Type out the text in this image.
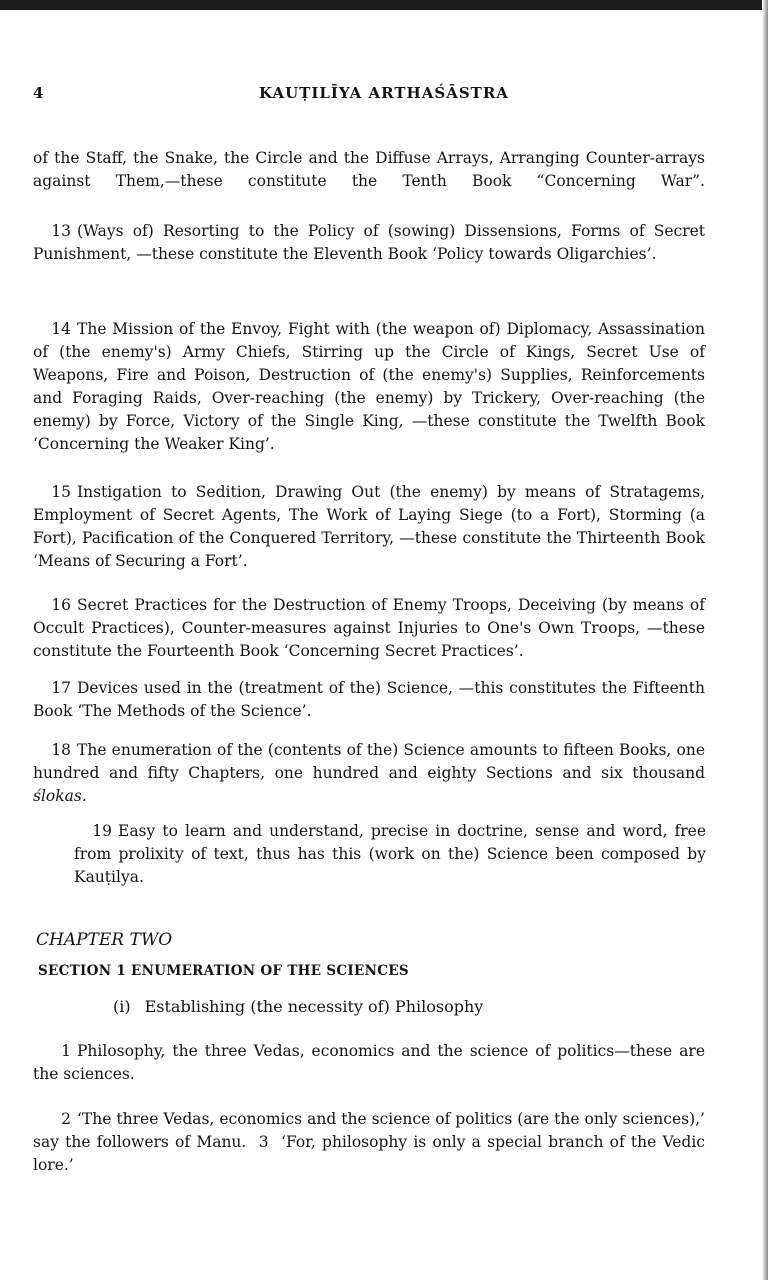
4	KAUṬILĪYA ARTHAŚĀSTRA
of the Staff, the Snake, the Circle and the Diffuse Arrays, Arranging Counter-arrays against Them,—these constitute the Tenth Book “Concerning War”.
13 (Ways of) Resorting to the Policy of (sowing) Dissensions, Forms of Secret Punishment, —these constitute the Eleventh Book ‘Policy towards Oligarchies’.
14 The Mission of the Envoy, Fight with (the weapon of) Diplomacy, Assassination of (the enemy's) Army Chiefs, Stirring up the Circle of Kings, Secret Use of Weapons, Fire and Poison, Destruction of (the enemy's) Supplies, Reinforcements and Foraging Raids, Over-reaching (the enemy) by Trickery, Over-reaching (the enemy) by Force, Victory of the Single King, —these constitute the Twelfth Book ‘Concerning the Weaker King’.
15 Instigation to Sedition, Drawing Out (the enemy) by means of Stratagems, Employment of Secret Agents, The Work of Laying Siege (to a Fort), Storming (a Fort), Pacification of the Conquered Territory, —these constitute the Thirteenth Book ‘Means of Securing a Fort’.
16 Secret Practices for the Destruction of Enemy Troops, Deceiving (by means of Occult Practices), Counter-measures against Injuries to One's Own Troops, —these constitute the Fourteenth Book ‘Concerning Secret Practices’.
17 Devices used in the (treatment of the) Science, —this constitutes the Fifteenth Book ‘The Methods of the Science’.
18 The enumeration of the (contents of the) Science amounts to fifteen Books, one hundred and fifty Chapters, one hundred and eighty Sections and six thousand ślokas.
19 Easy to learn and understand, precise in doctrine, sense and word, free from prolixity of text, thus has this (work on the) Science been composed by Kauṭilya.
CHAPTER TWO
SECTION 1 ENUMERATION OF THE SCIENCES
(i) Establishing (the necessity of) Philosophy
1 Philosophy, the three Vedas, economics and the science of politics—these are the sciences.
2 ‘The three Vedas, economics and the science of politics (are the only sciences),’ say the followers of Manu. 3 ‘For, philosophy is only a special branch of the Vedic lore.’
